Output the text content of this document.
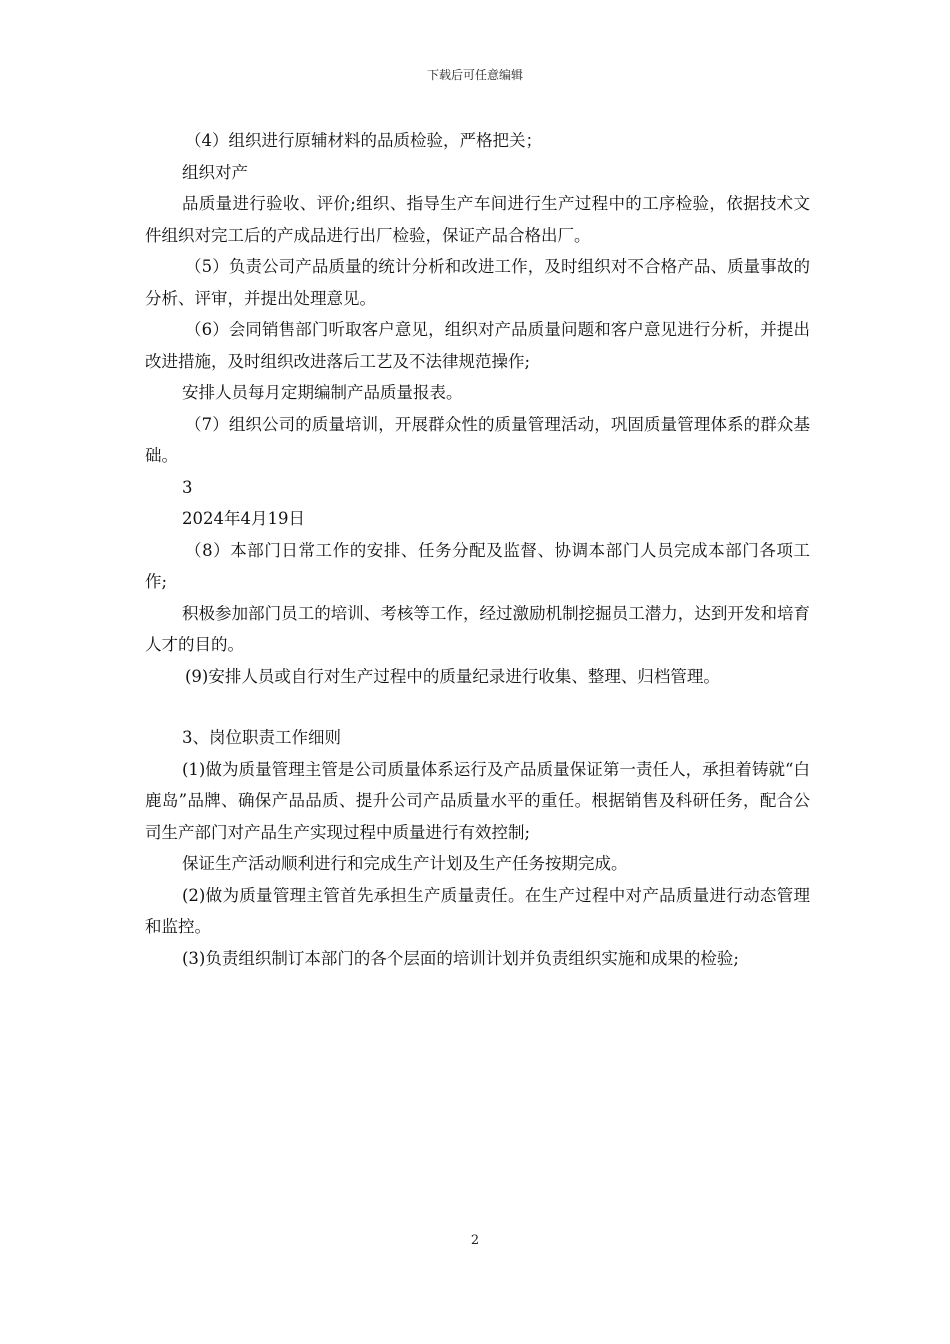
下载后可任意编辑

（4）组织进行原辅材料的品质检验，严格把关；

组织对产

品质量进行验收、评价;组织、指导生产车间进行生产过程中的工序检验，依据技术文件组织对完工后的产成品进行出厂检验，保证产品合格出厂。

（5）负责公司产品质量的统计分析和改进工作，及时组织对不合格产品、质量事故的分析、评审，并提出处理意见。

（6）会同销售部门听取客户意见，组织对产品质量问题和客户意见进行分析，并提出改进措施，及时组织改进落后工艺及不法律规范操作;

安排人员每月定期编制产品质量报表。

（7）组织公司的质量培训，开展群众性的质量管理活动，巩固质量管理体系的群众基础。

3

2024年4月19日

（8）本部门日常工作的安排、任务分配及监督、协调本部门人员完成本部门各项工作;

积极参加部门员工的培训、考核等工作，经过激励机制挖掘员工潜力，达到开发和培育人才的目的。

(9)安排人员或自行对生产过程中的质量纪录进行收集、整理、归档管理。

3、岗位职责工作细则

(1)做为质量管理主管是公司质量体系运行及产品质量保证第一责任人，承担着铸就“白鹿岛”品牌、确保产品品质、提升公司产品质量水平的重任。根据销售及科研任务，配合公司生产部门对产品生产实现过程中质量进行有效控制;

保证生产活动顺利进行和完成生产计划及生产任务按期完成。

(2)做为质量管理主管首先承担生产质量责任。在生产过程中对产品质量进行动态管理和监控。

(3)负责组织制订本部门的各个层面的培训计划并负责组织实施和成果的检验;

2
